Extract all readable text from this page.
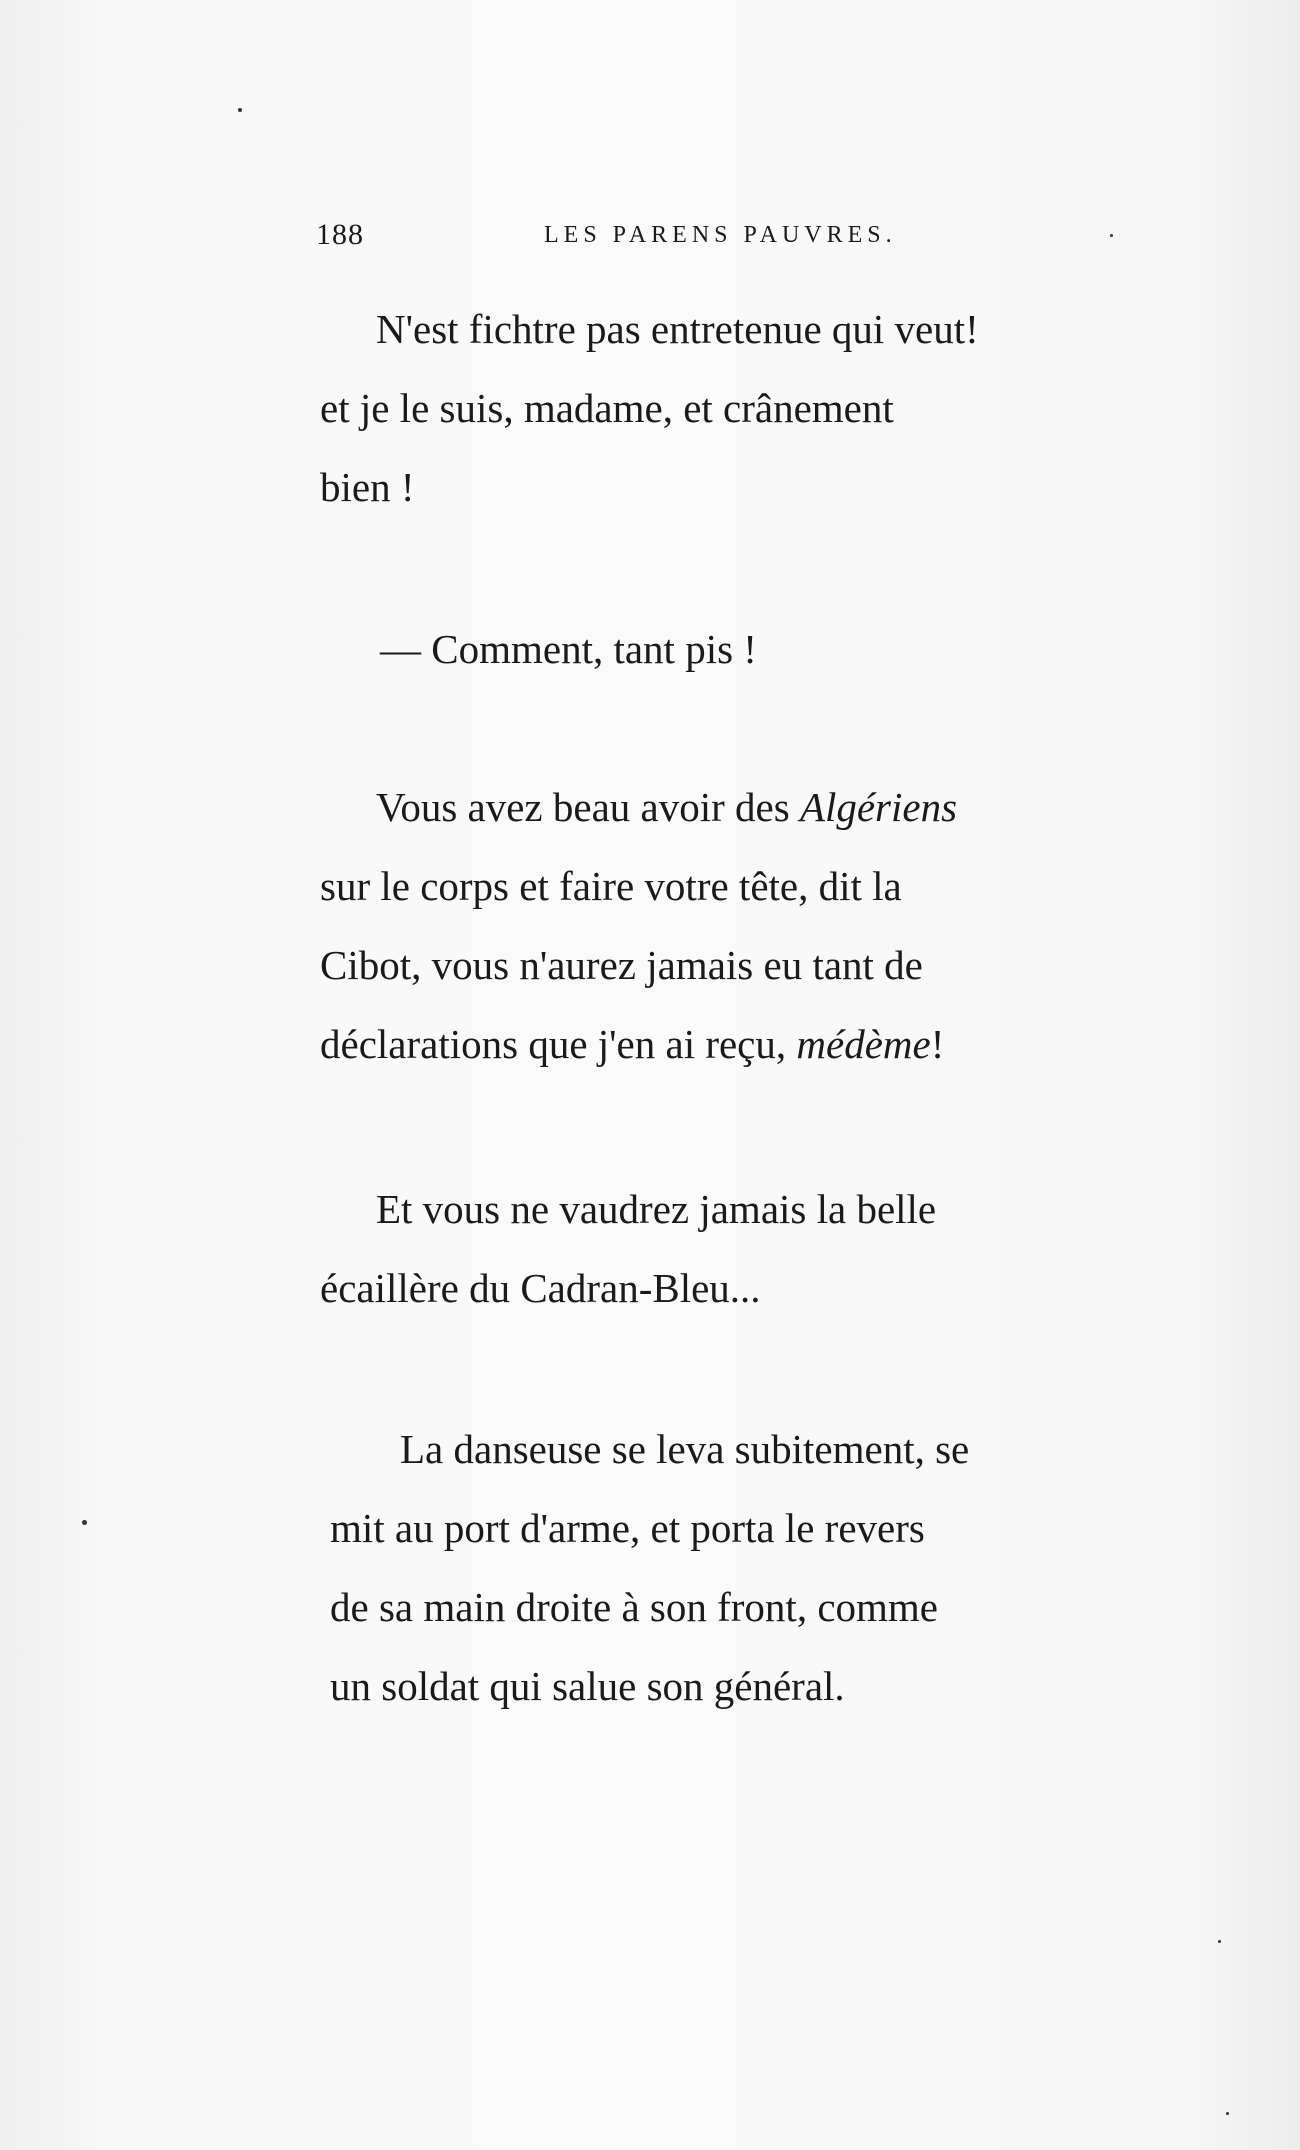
188	LES PARENS PAUVRES.

N'est fichtre pas entretenue qui veut!

et je le suis, madame, et crânement

bien !

— Comment, tant pis !

Vous avez beau avoir des Algériens

sur le corps et faire votre tête, dit la

Cibot, vous n'aurez jamais eu tant de

déclarations que j'en ai reçu, médème!

Et vous ne vaudrez jamais la belle

écaillère du Cadran-Bleu...

La danseuse se leva subitement, se

mit au port d'arme, et porta le revers

de sa main droite à son front, comme

un soldat qui salue son général.
